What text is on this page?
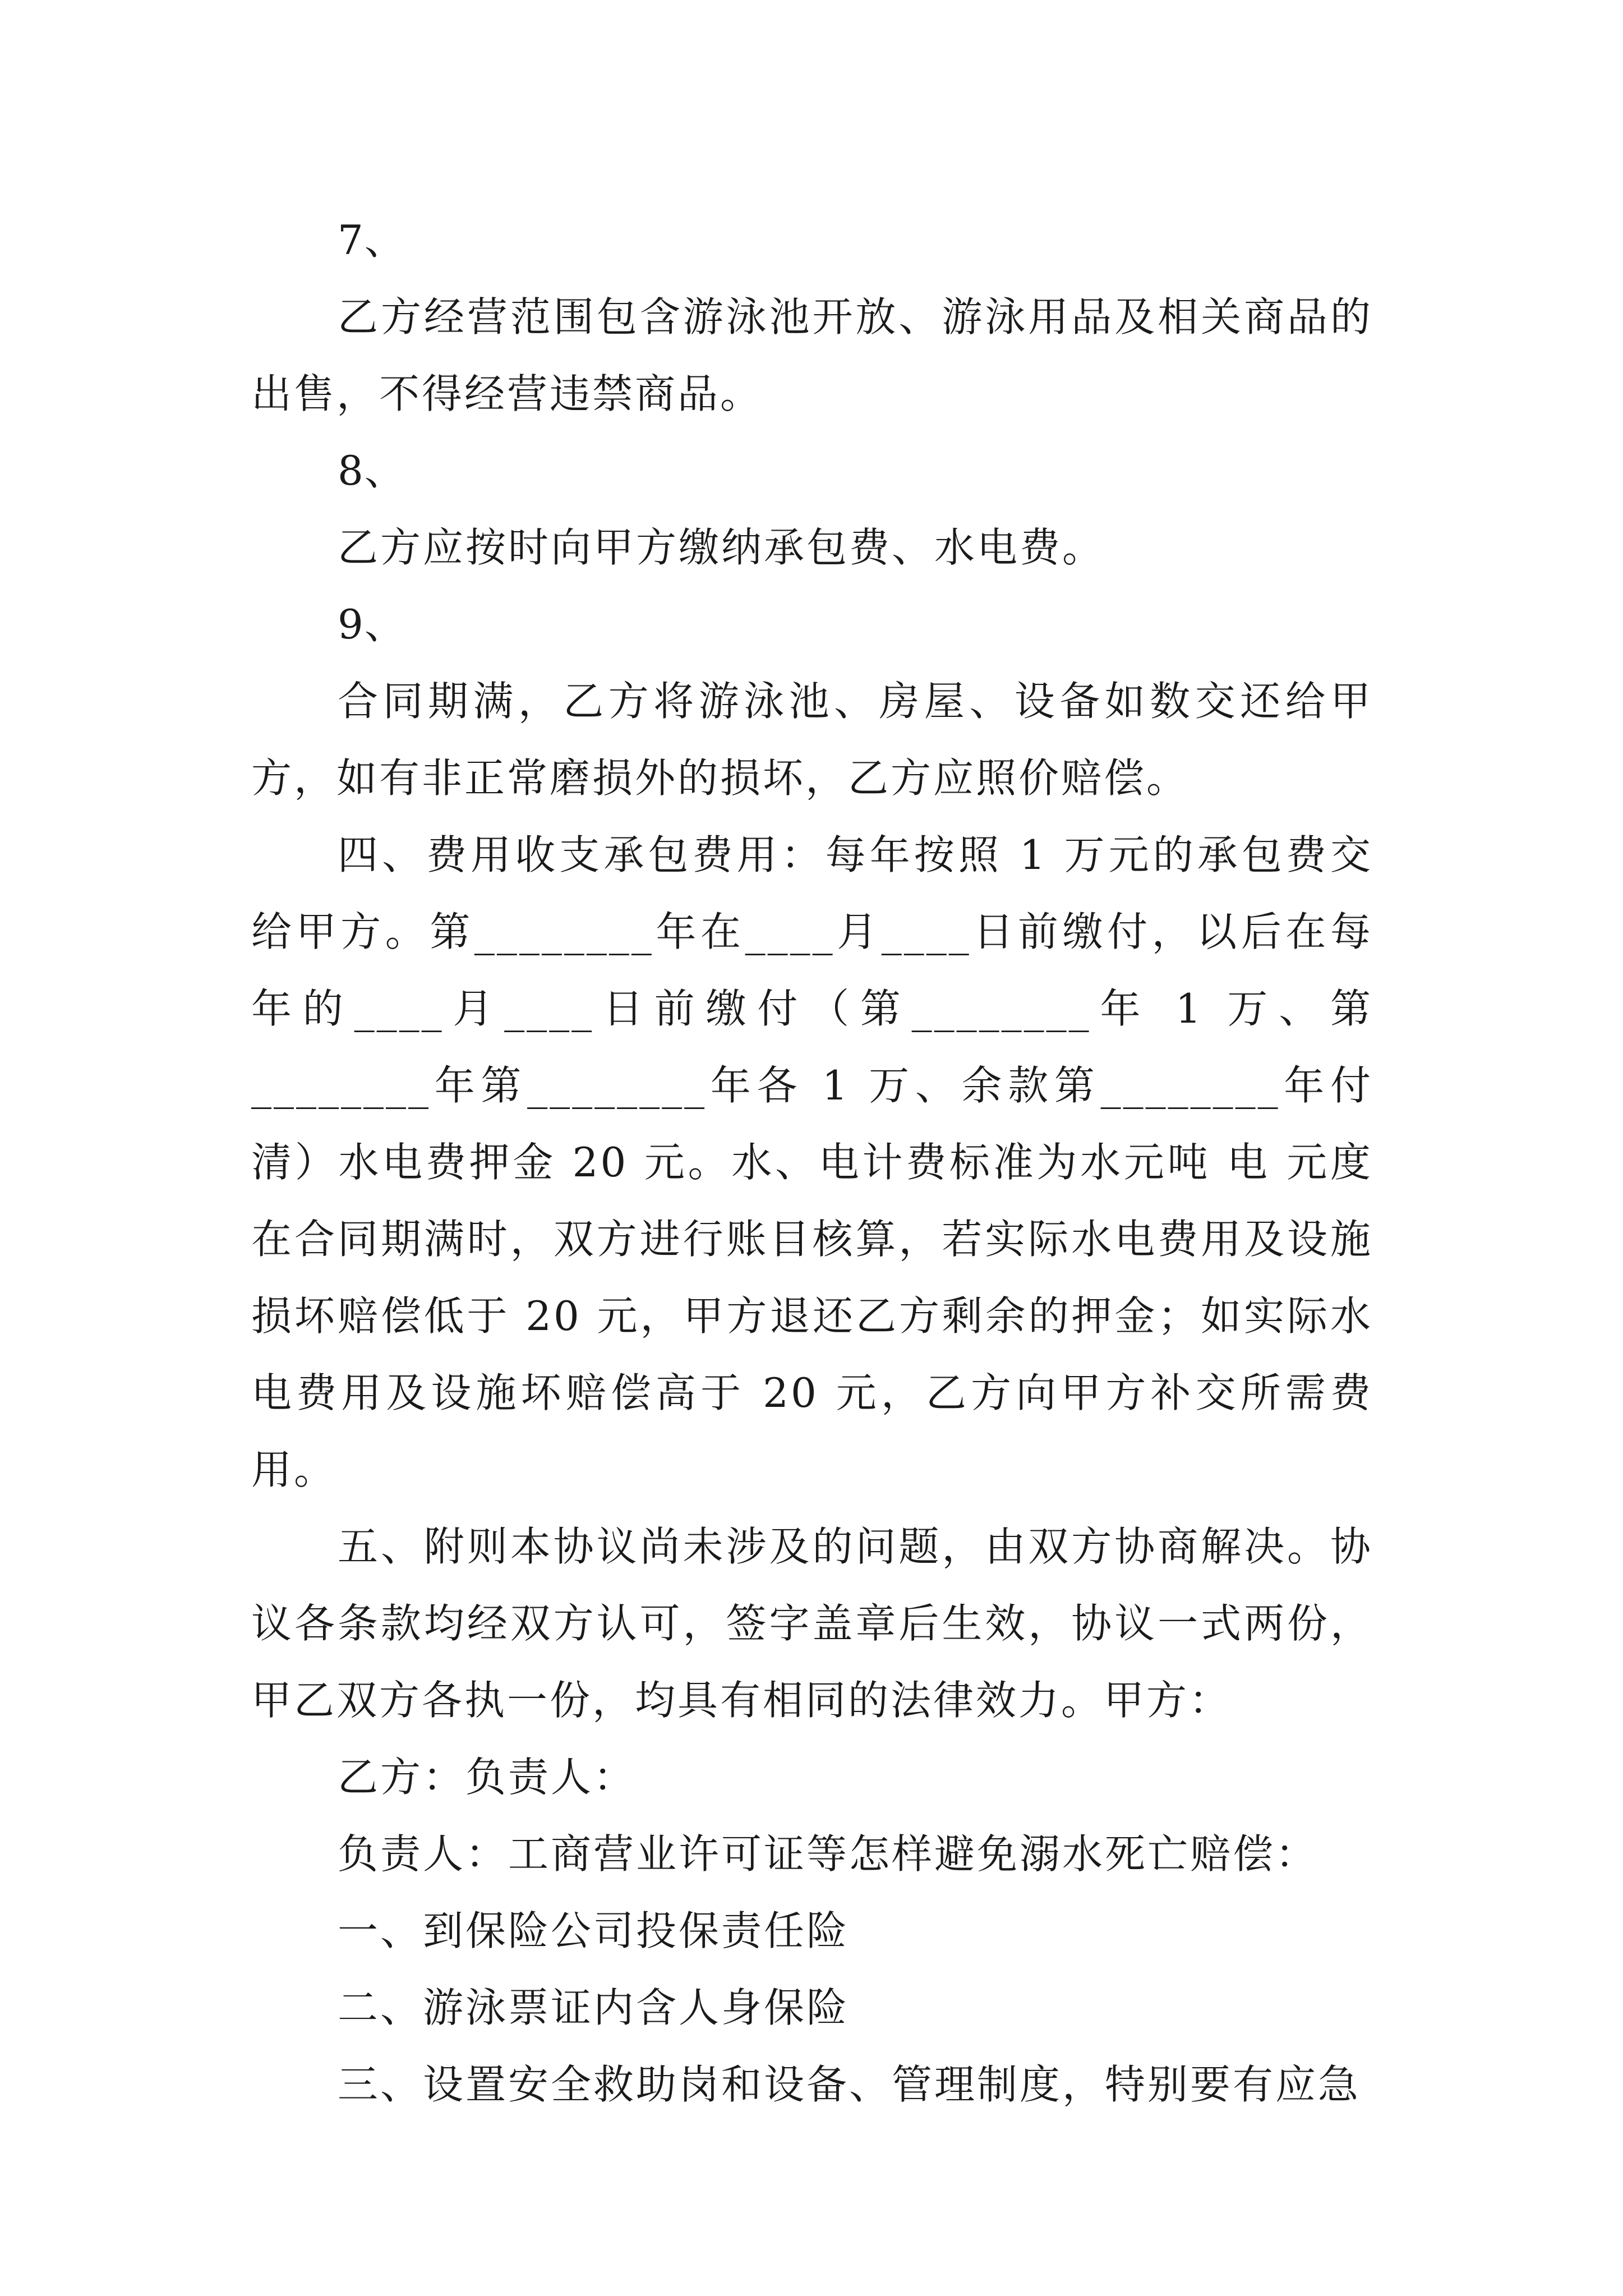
7、

乙方经营范围包含游泳池开放、游泳用品及相关商品的出售，不得经营违禁商品。

8、

乙方应按时向甲方缴纳承包费、水电费。

9、

合同期满，乙方将游泳池、房屋、设备如数交还给甲方，如有非正常磨损外的损坏，乙方应照价赔偿。

四、费用收支承包费用：每年按照 1 万元的承包费交给甲方。第________年在____月____日前缴付，以后在每年的____月____日前缴付（第________年 1 万、第________年第________年各 1 万、余款第________年付清）水电费押金 20 元。水、电计费标准为水元吨 电 元度在合同期满时，双方进行账目核算，若实际水电费用及设施损坏赔偿低于 20 元，甲方退还乙方剩余的押金；如实际水电费用及设施坏赔偿高于 20 元，乙方向甲方补交所需费用。

五、附则本协议尚未涉及的问题，由双方协商解决。协议各条款均经双方认可，签字盖章后生效，协议一式两份，甲乙双方各执一份，均具有相同的法律效力。甲方：

乙方：负责人：

负责人：工商营业许可证等怎样避免溺水死亡赔偿：

一、到保险公司投保责任险

二、游泳票证内含人身保险

三、设置安全救助岗和设备、管理制度，特别要有应急
